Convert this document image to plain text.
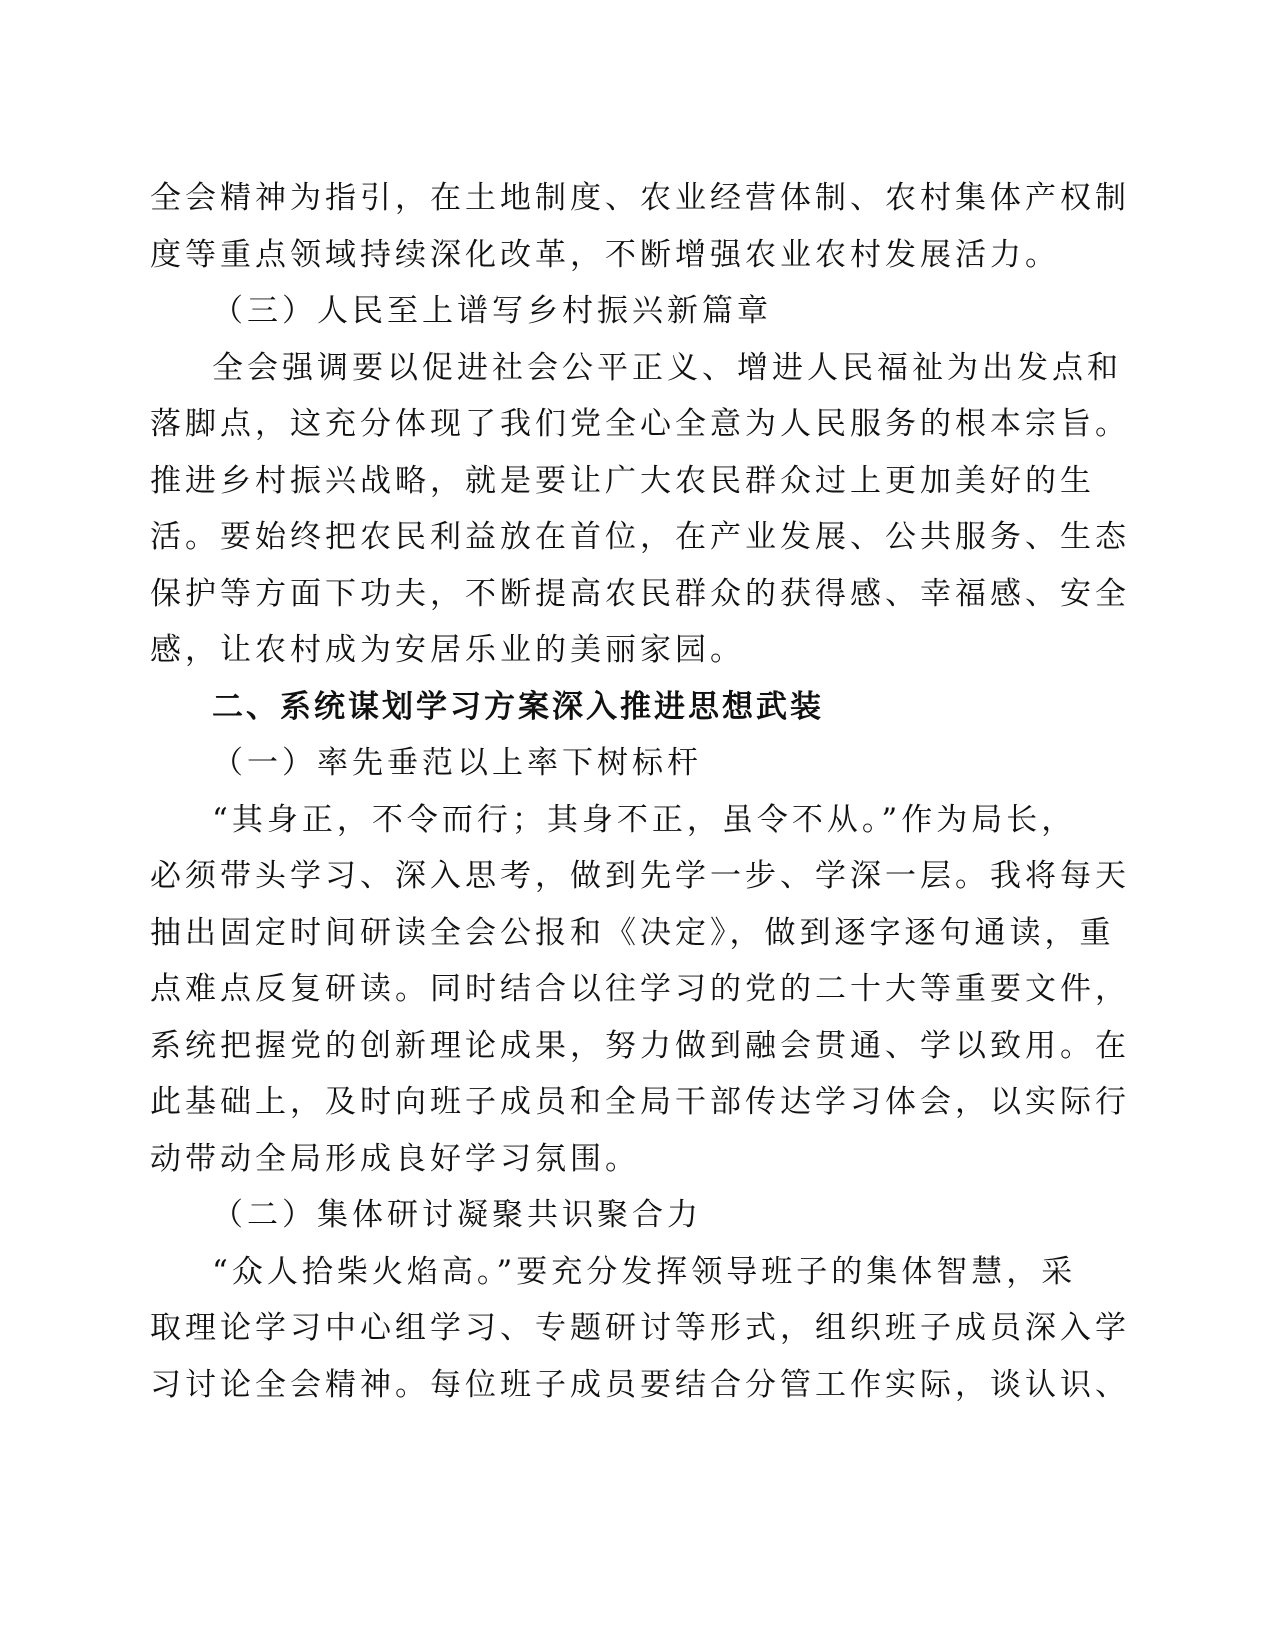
全会精神为指引，在土地制度、农业经营体制、农村集体产权制
度等重点领域持续深化改革，不断增强农业农村发展活力。
（三）人民至上谱写乡村振兴新篇章
全会强调要以促进社会公平正义、增进人民福祉为出发点和
落脚点，这充分体现了我们党全心全意为人民服务的根本宗旨。
推进乡村振兴战略，就是要让广大农民群众过上更加美好的生
活。要始终把农民利益放在首位，在产业发展、公共服务、生态
保护等方面下功夫，不断提高农民群众的获得感、幸福感、安全
感，让农村成为安居乐业的美丽家园。
二、系统谋划学习方案深入推进思想武装
（一）率先垂范以上率下树标杆
“其身正，不令而行；其身不正，虽令不从。”作为局长，
必须带头学习、深入思考，做到先学一步、学深一层。我将每天
抽出固定时间研读全会公报和《决定》，做到逐字逐句通读，重
点难点反复研读。同时结合以往学习的党的二十大等重要文件，
系统把握党的创新理论成果，努力做到融会贯通、学以致用。在
此基础上，及时向班子成员和全局干部传达学习体会，以实际行
动带动全局形成良好学习氛围。
（二）集体研讨凝聚共识聚合力
“众人拾柴火焰高。”要充分发挥领导班子的集体智慧，采
取理论学习中心组学习、专题研讨等形式，组织班子成员深入学
习讨论全会精神。每位班子成员要结合分管工作实际，谈认识、
